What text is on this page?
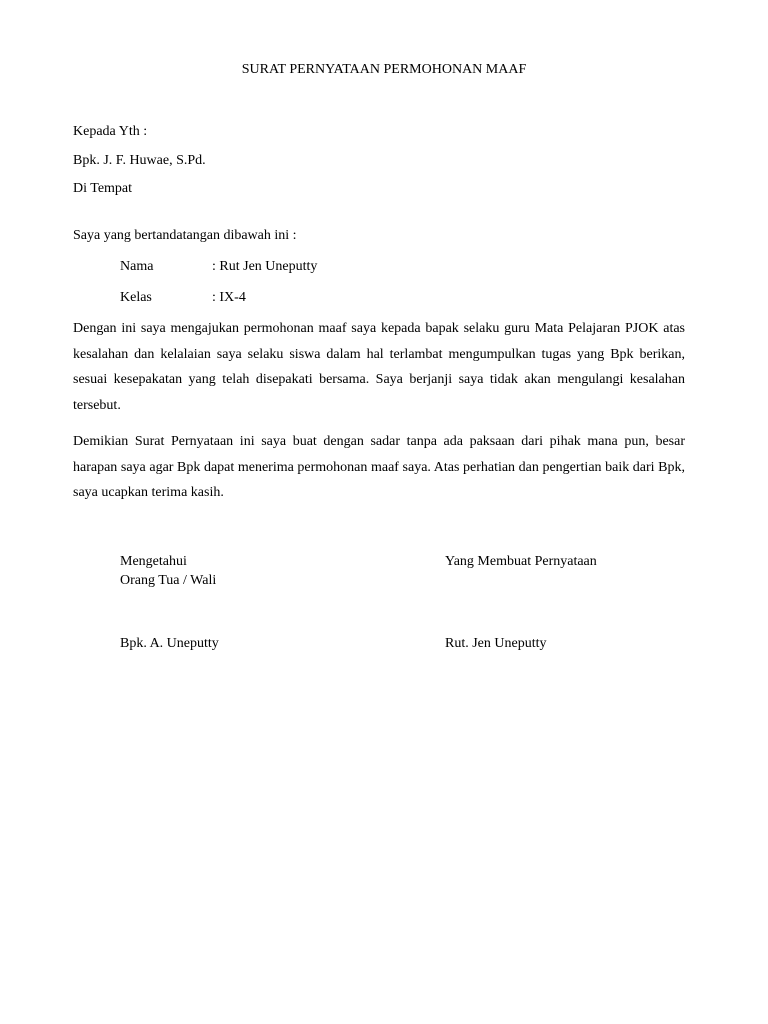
SURAT PERNYATAAN PERMOHONAN MAAF
Kepada Yth :
Bpk. J. F. Huwae, S.Pd.
Di Tempat
Saya yang bertandatangan dibawah ini :
Nama	: Rut Jen Uneputty
Kelas	: IX-4
Dengan ini saya mengajukan permohonan maaf saya kepada bapak selaku guru Mata Pelajaran PJOK atas kesalahan dan kelalaian saya selaku siswa dalam hal terlambat mengumpulkan tugas yang Bpk berikan, sesuai kesepakatan yang telah disepakati bersama. Saya berjanji saya tidak akan mengulangi kesalahan tersebut.
Demikian Surat Pernyataan ini saya buat dengan sadar tanpa ada paksaan dari pihak mana pun, besar harapan saya agar Bpk dapat menerima permohonan maaf saya. Atas perhatian dan pengertian baik dari Bpk, saya ucapkan terima kasih.
Mengetahui
Orang Tua / Wali
Bpk. A. Uneputty
Yang Membuat Pernyataan
Rut. Jen Uneputty
